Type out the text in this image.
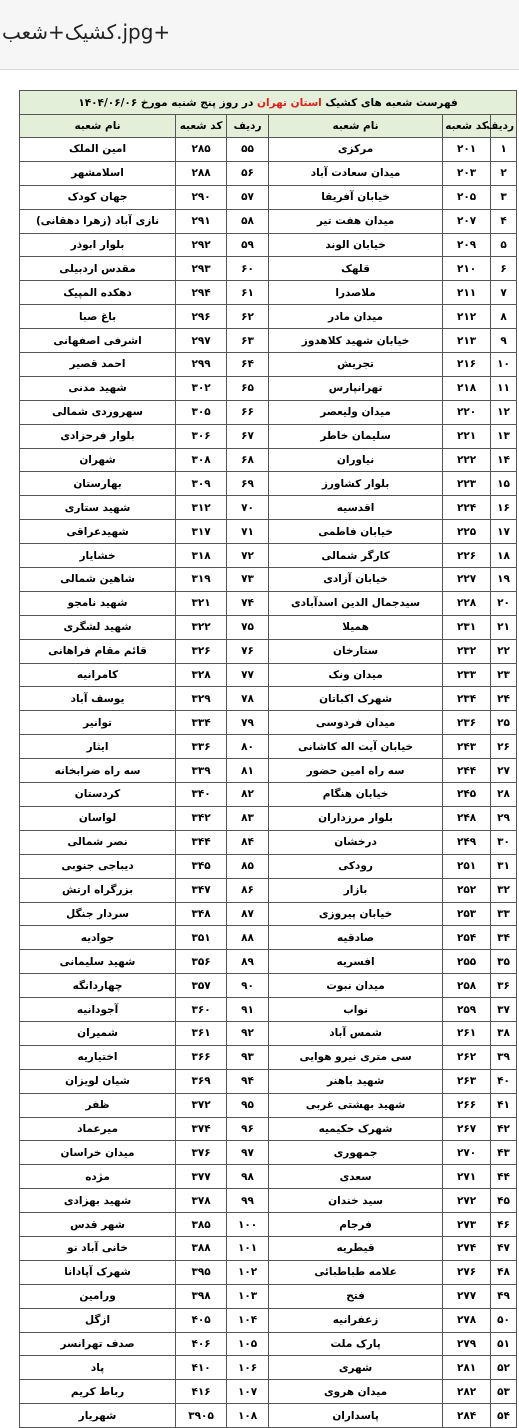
کشیک+شعب.jpg+
فهرست شعبه های کشیک استان تهران در روز پنج شنبه مورخ ۱۴۰۴/۰۶/۰۶					
ردیف	کد شعبه	نام شعبه	ردیف	کد شعبه	نام شعبه
۱	۲۰۱	مرکزی	۵۵	۲۸۵	امین الملک
۲	۲۰۳	میدان سعادت آباد	۵۶	۲۸۸	اسلامشهر
۳	۲۰۵	خیابان آفریقا	۵۷	۲۹۰	جهان کودک
۴	۲۰۷	میدان هفت تیر	۵۸	۲۹۱	نازی آباد (زهرا دهقانی)
۵	۲۰۹	خیابان الوند	۵۹	۲۹۲	بلوار ابوذر
۶	۲۱۰	قلهک	۶۰	۲۹۳	مقدس اردبیلی
۷	۲۱۱	ملاصدرا	۶۱	۲۹۴	دهکده المپیک
۸	۲۱۲	میدان مادر	۶۲	۲۹۶	باغ صبا
۹	۲۱۳	خیابان شهید کلاهدوز	۶۳	۲۹۷	اشرفی اصفهانی
۱۰	۲۱۶	تجریش	۶۴	۲۹۹	احمد قصیر
۱۱	۲۱۸	تهرانپارس	۶۵	۳۰۲	شهید مدنی
۱۲	۲۲۰	میدان ولیعصر	۶۶	۳۰۵	سهروردی شمالی
۱۳	۲۲۱	سلیمان خاطر	۶۷	۳۰۶	بلوار فرحزادی
۱۴	۲۲۲	نیاوران	۶۸	۳۰۸	شهران
۱۵	۲۲۳	بلوار کشاورز	۶۹	۳۰۹	بهارستان
۱۶	۲۲۴	اقدسیه	۷۰	۳۱۲	شهید ستاری
۱۷	۲۲۵	خیابان فاطمی	۷۱	۳۱۷	شهیدعراقی
۱۸	۲۲۶	کارگر شمالی	۷۲	۳۱۸	خشایار
۱۹	۲۲۷	خیابان آزادی	۷۳	۳۱۹	شاهین شمالی
۲۰	۲۲۸	سیدجمال الدین اسدآبادی	۷۴	۳۲۱	شهید نامجو
۲۱	۲۳۱	همیلا	۷۵	۳۲۲	شهید لشگری
۲۲	۲۳۲	ستارخان	۷۶	۳۲۶	قائم مقام فراهانی
۲۳	۲۳۳	میدان ونک	۷۷	۳۲۸	کامرانیه
۲۴	۲۳۴	شهرک اکباتان	۷۸	۳۲۹	یوسف آباد
۲۵	۲۳۶	میدان فردوسی	۷۹	۳۳۴	توانیر
۲۶	۲۴۳	خیابان آیت اله کاشانی	۸۰	۳۳۶	ایثار
۲۷	۲۴۴	سه راه امین حضور	۸۱	۳۳۹	سه راه ضرابخانه
۲۸	۲۴۵	خیابان هنگام	۸۲	۳۴۰	کردستان
۲۹	۲۴۸	بلوار مرزداران	۸۳	۳۴۲	لواسان
۳۰	۲۴۹	درخشان	۸۴	۳۴۴	نصر شمالی
۳۱	۲۵۱	رودکی	۸۵	۳۴۵	دیباجی جنوبی
۳۲	۲۵۲	بازار	۸۶	۳۴۷	بزرگراه ارتش
۳۳	۲۵۳	خیابان پیروزی	۸۷	۳۴۸	سردار جنگل
۳۴	۲۵۴	صادقیه	۸۸	۳۵۱	جوادیه
۳۵	۲۵۵	افسریه	۸۹	۳۵۶	شهید سلیمانی
۳۶	۲۵۸	میدان نبوت	۹۰	۳۵۷	چهاردانگه
۳۷	۲۵۹	نواب	۹۱	۳۶۰	آجودانیه
۳۸	۲۶۱	شمس آباد	۹۲	۳۶۱	شمیران
۳۹	۲۶۲	سی متری نیرو هوایی	۹۳	۳۶۶	اختیاریه
۴۰	۲۶۳	شهید باهنر	۹۴	۳۶۹	شیان لویزان
۴۱	۲۶۶	شهید بهشتی غربی	۹۵	۳۷۲	ظفر
۴۲	۲۶۷	شهرک حکیمیه	۹۶	۳۷۴	میرعماد
۴۳	۲۷۰	جمهوری	۹۷	۳۷۶	میدان خراسان
۴۴	۲۷۱	سعدی	۹۸	۳۷۷	مژده
۴۵	۲۷۲	سید خندان	۹۹	۳۷۸	شهید بهزادی
۴۶	۲۷۳	فرجام	۱۰۰	۳۸۵	شهر قدس
۴۷	۲۷۴	قیطریه	۱۰۱	۳۸۸	خانی آباد نو
۴۸	۲۷۶	علامه طباطبائی	۱۰۲	۳۹۵	شهرک آپادانا
۴۹	۲۷۷	فتح	۱۰۳	۳۹۸	ورامین
۵۰	۲۷۸	زعفرانیه	۱۰۴	۴۰۵	ازگل
۵۱	۲۷۹	پارک ملت	۱۰۵	۴۰۶	صدف تهرانسر
۵۲	۲۸۱	شهری	۱۰۶	۴۱۰	پاد
۵۳	۲۸۲	میدان هروی	۱۰۷	۴۱۶	رباط کریم
۵۴	۲۸۴	پاسداران	۱۰۸	۳۹۰۵	شهریار
